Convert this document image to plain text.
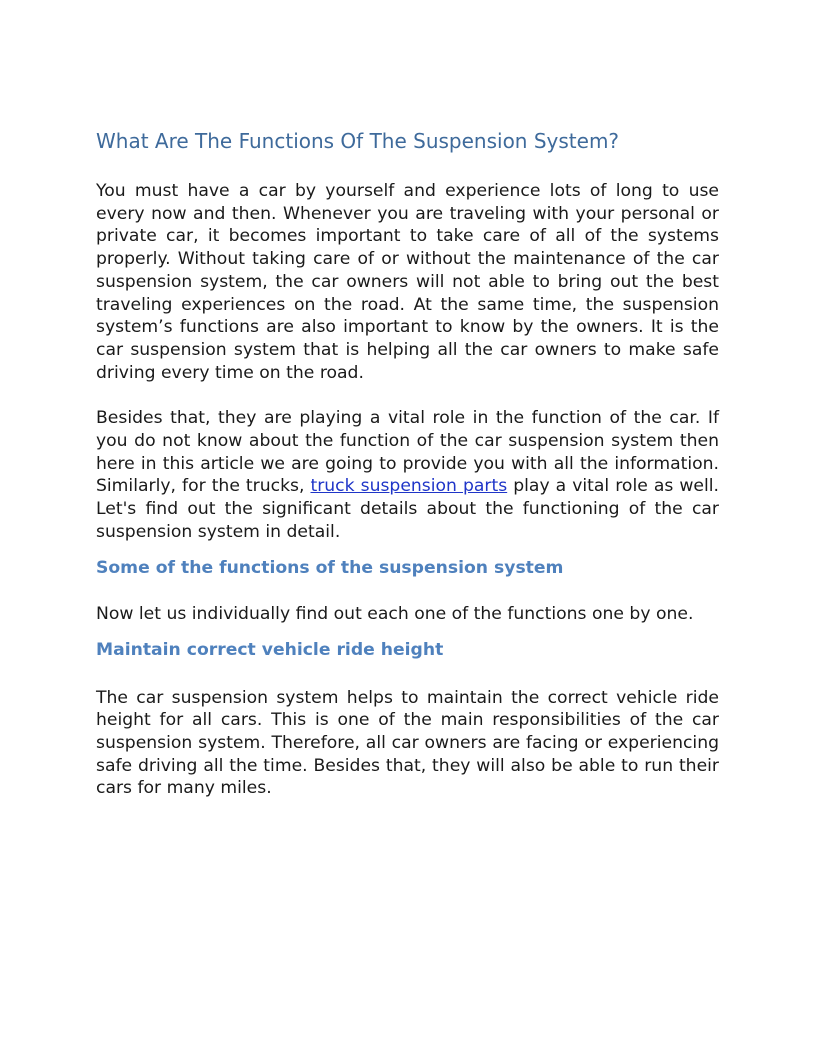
What Are The Functions Of The Suspension System?

You must have a car by yourself and experience lots of long to use every now and then. Whenever you are traveling with your personal or private car, it becomes important to take care of all of the systems properly. Without taking care of or without the maintenance of the car suspension system, the car owners will not able to bring out the best traveling experiences on the road. At the same time, the suspension system’s functions are also important to know by the owners. It is the car suspension system that is helping all the car owners to make safe driving every time on the road.

Besides that, they are playing a vital role in the function of the car. If you do not know about the function of the car suspension system then here in this article we are going to provide you with all the information. Similarly, for the trucks, truck suspension parts play a vital role as well. Let's find out the significant details about the functioning of the car suspension system in detail.

Some of the functions of the suspension system

Now let us individually find out each one of the functions one by one.

Maintain correct vehicle ride height

The car suspension system helps to maintain the correct vehicle ride height for all cars. This is one of the main responsibilities of the car suspension system. Therefore, all car owners are facing or experiencing safe driving all the time. Besides that, they will also be able to run their cars for many miles.
